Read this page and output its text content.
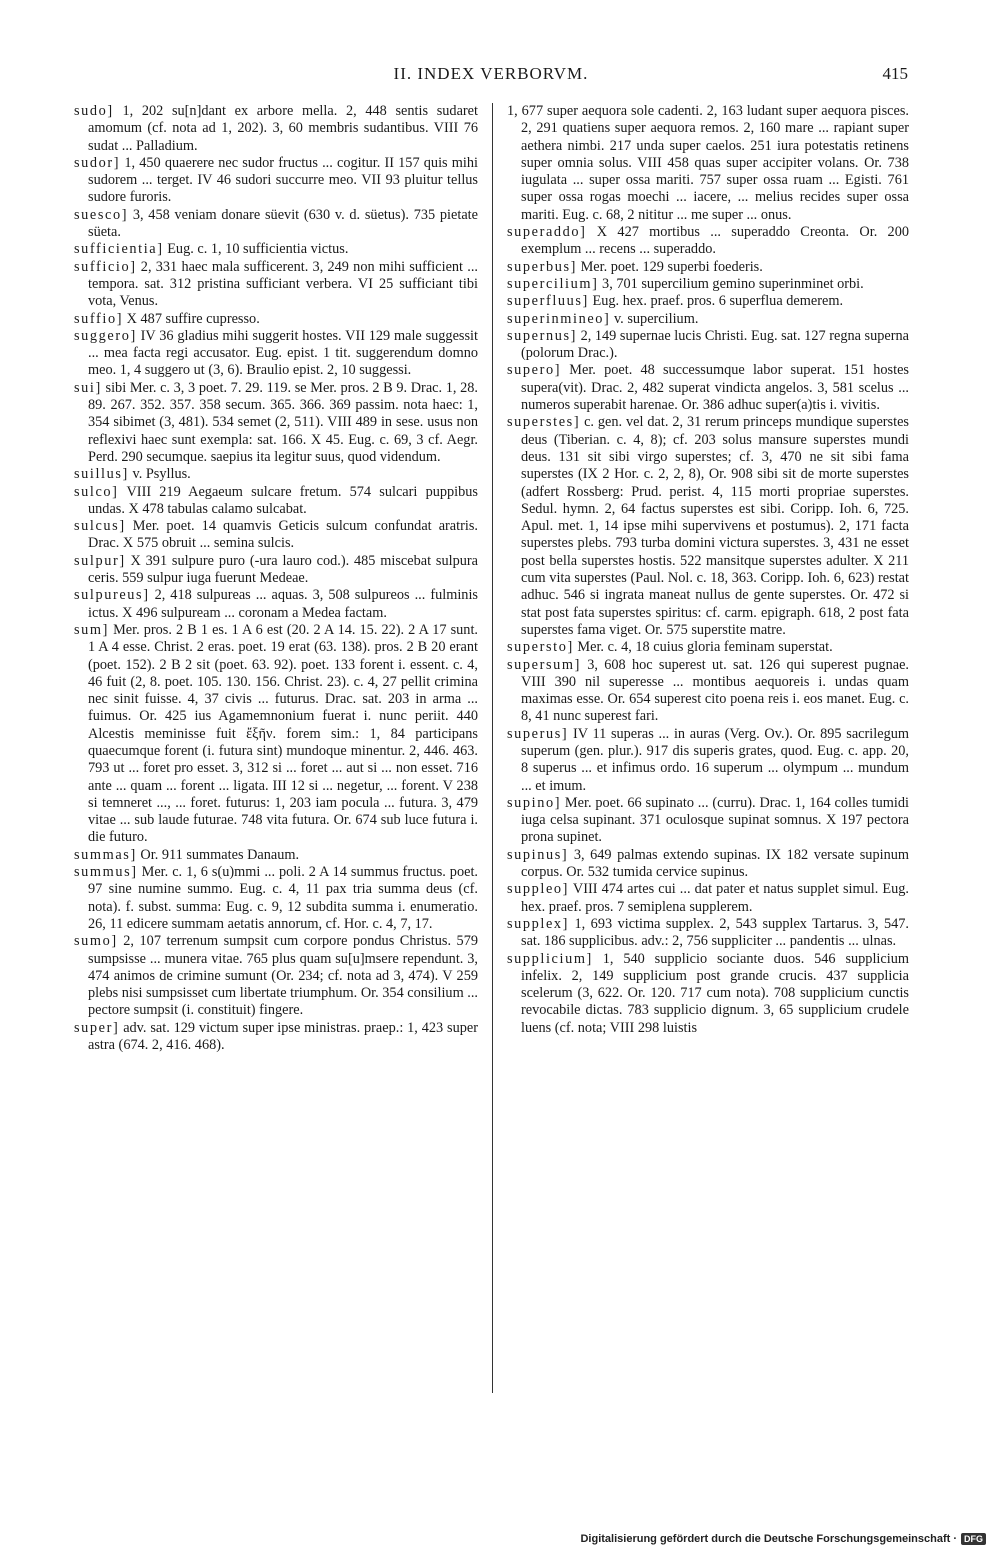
II. INDEX VERBORVM.	415

sudo] 1, 202 su[n]dant ex arbore mella. 2, 448 sentis sudaret amomum (cf. nota ad 1, 202). 3, 60 membris sudantibus. VIII 76 sudat ... Palladium.

sudor] 1, 450 quaerere nec sudor fructus ... cogitur. II 157 quis mihi sudorem ... terget. IV 46 sudori succurre meo. VII 93 pluitur tellus sudore furoris.

suesco] 3, 458 veniam donare süevit (630 v. d. süetus). 735 pietate süeta.

sufficientia] Eug. c. 1, 10 sufficientia victus.

sufficio] 2, 331 haec mala sufficerent. 3, 249 non mihi sufficient ... tempora. sat. 312 pristina sufficiant verbera. VI 25 sufficiant tibi vota, Venus.

suffio] X 487 suffire cupresso.

suggero] IV 36 gladius mihi suggerit hostes. VII 129 male suggessit ... mea facta regi accusator. Eug. epist. 1 tit. suggerendum domno meo. 1, 4 suggero ut (3, 6). Braulio epist. 2, 10 suggessi.

sui] sibi Mer. c. 3, 3 poet. 7. 29. 119. se Mer. pros. 2 B 9. Drac. 1, 28. 89. 267. 352. 357. 358 secum. 365. 366. 369 passim. nota haec: 1, 354 sibimet (3, 481). 534 semet (2, 511). VIII 489 in sese. usus non reflexivi haec sunt exempla: sat. 166. X 45. Eug. c. 69, 3 cf. Aegr. Perd. 290 secumque. saepius ita legitur suus, quod videndum.

suillus] v. Psyllus.

sulco] VIII 219 Aegaeum sulcare fretum. 574 sulcari puppibus undas. X 478 tabulas calamo sulcabat.

sulcus] Mer. poet. 14 quamvis Geticis sulcum confundat aratris. Drac. X 575 obruit ... semina sulcis.

sulpur] X 391 sulpure puro (-ura lauro cod.). 485 miscebat sulpura ceris. 559 sulpur iuga fuerunt Medeae.

sulpureus] 2, 418 sulpureas ... aquas. 3, 508 sulpureos ... fulminis ictus. X 496 sulpuream ... coronam a Medea factam.

sum] Mer. pros. 2 B 1 es. 1 A 6 est (20. 2 A 14. 15. 22). 2 A 17 sunt. 1 A 4 esse. Christ. 2 eras. poet. 19 erat (63. 138). pros. 2 B 20 erant (poet. 152). 2 B 2 sit (poet. 63. 92). poet. 133 forent i. essent. c. 4, 46 fuit (2, 8. poet. 105. 130. 156. Christ. 23). c. 4, 27 pellit crimina nec sinit fuisse. 4, 37 civis ... futurus. Drac. sat. 203 in arma ... fuimus. Or. 425 ius Agamemnonium fuerat i. nunc periit. 440 Alcestis meminisse fuit ἔξῆν. forem sim.: 1, 84 participans quaecumque forent (i. futura sint) mundoque minentur. 2, 446. 463. 793 ut ... foret pro esset. 3, 312 si ... foret ... aut si ... non esset. 716 ante ... quam ... forent ... ligata. III 12 si ... negetur, ... forent. V 238 si temneret ..., ... foret. futurus: 1, 203 iam pocula ... futura. 3, 479 vitae ... sub laude futurae. 748 vita futura. Or. 674 sub luce futura i. die futuro.

summas] Or. 911 summates Danaum.

summus] Mer. c. 1, 6 s(u)mmi ... poli. 2 A 14 summus fructus. poet. 97 sine numine summo. Eug. c. 4, 11 pax tria summa deus (cf. nota). f. subst. summa: Eug. c. 9, 12 subdita summa i. enumeratio. 26, 11 edicere summam aetatis annorum, cf. Hor. c. 4, 7, 17.

sumo] 2, 107 terrenum sumpsit cum corpore pondus Christus. 579 sumpsisse ... munera vitae. 765 plus quam su[u]msere rependunt. 3, 474 animos de crimine sumunt (Or. 234; cf. nota ad 3, 474). V 259 plebs nisi sumpsisset cum libertate triumphum. Or. 354 consilium ... pectore sumpsit (i. constituit) fingere.

super] adv. sat. 129 victum super ipse ministras. praep.: 1, 423 super astra (674. 2, 416. 468).

1, 677 super aequora sole cadenti. 2, 163 ludant super aequora pisces. 2, 291 quatiens super aequora remos. 2, 160 mare ... rapiant super aethera nimbi. 217 unda super caelos. 251 iura potestatis retinens super omnia solus. VIII 458 quas super accipiter volans. Or. 738 iugulata ... super ossa mariti. 757 super ossa ruam ... Egisti. 761 super ossa rogas moechi ... iacere, ... melius recides super ossa mariti. Eug. c. 68, 2 nititur ... me super ... onus.

superaddo] X 427 mortibus ... superaddo Creonta. Or. 200 exemplum ... recens ... superaddo.

superbus] Mer. poet. 129 superbi foederis.

supercilium] 3, 701 supercilium gemino superinminet orbi.

superfluus] Eug. hex. praef. pros. 6 superflua demerem.

superinmineo] v. supercilium.

supernus] 2, 149 supernae lucis Christi. Eug. sat. 127 regna superna (polorum Drac.).

supero] Mer. poet. 48 successumque labor superat. 151 hostes supera(vit). Drac. 2, 482 superat vindicta angelos. 3, 581 scelus ... numeros superabit harenae. Or. 386 adhuc super(a)tis i. vivitis.

superstes] c. gen. vel dat. 2, 31 rerum princeps mundique superstes deus (Tiberian. c. 4, 8); cf. 203 solus mansure superstes mundi deus. 131 sit sibi virgo superstes; cf. 3, 470 ne sit sibi fama superstes (IX 2 Hor. c. 2, 2, 8), Or. 908 sibi sit de morte superstes (adfert Rossberg: Prud. perist. 4, 115 morti propriae superstes. Sedul. hymn. 2, 64 factus superstes est sibi. Coripp. Ioh. 6, 725. Apul. met. 1, 14 ipse mihi supervivens et postumus). 2, 171 facta superstes plebs. 793 turba domini victura superstes. 3, 431 ne esset post bella superstes hostis. 522 mansitque superstes adulter. X 211 cum vita superstes (Paul. Nol. c. 18, 363. Coripp. Ioh. 6, 623) restat adhuc. 546 si ingrata maneat nullus de gente superstes. Or. 472 si stat post fata superstes spiritus: cf. carm. epigraph. 618, 2 post fata superstes fama viget. Or. 575 superstite matre.

superstо] Mer. c. 4, 18 cuius gloria feminam superstat.

supersum] 3, 608 hoc superest ut. sat. 126 qui superest pugnae. VIII 390 nil superesse ... montibus aequoreis i. undas quam maximas esse. Or. 654 superest cito poena reis i. eos manet. Eug. c. 8, 41 nunc superest fari.

superus] IV 11 superas ... in auras (Verg. Ov.). Or. 895 sacrilegum superum (gen. plur.). 917 dis superis grates, quod. Eug. c. app. 20, 8 superus ... et infimus ordo. 16 superum ... olympum ... mundum ... et imum.

supino] Mer. poet. 66 supinato ... (curru). Drac. 1, 164 colles tumidi iuga celsa supinant. 371 oculosque supinat somnus. X 197 pectora prona supinet.

supinus] 3, 649 palmas extendo supinas. IX 182 versate supinum corpus. Or. 532 tumida cervice supinus.

suppleo] VIII 474 artes cui ... dat pater et natus supplet simul. Eug. hex. praef. pros. 7 semiplena supplerem.

supplex] 1, 693 victima supplex. 2, 543 supplex Tartarus. 3, 547. sat. 186 supplicibus. adv.: 2, 756 suppliciter ... pandentis ... ulnas.

supplicium] 1, 540 supplicio sociante duos. 546 supplicium infelix. 2, 149 supplicium post grande crucis. 437 supplicia scelerum (3, 622. Or. 120. 717 cum nota). 708 supplicium cunctis revocabile dictas. 783 supplicio dignum. 3, 65 supplicium crudele luens (cf. nota; VIII 298 luistis

Digitalisierung gefördert durch die Deutsche Forschungsgemeinschaft · DFG
